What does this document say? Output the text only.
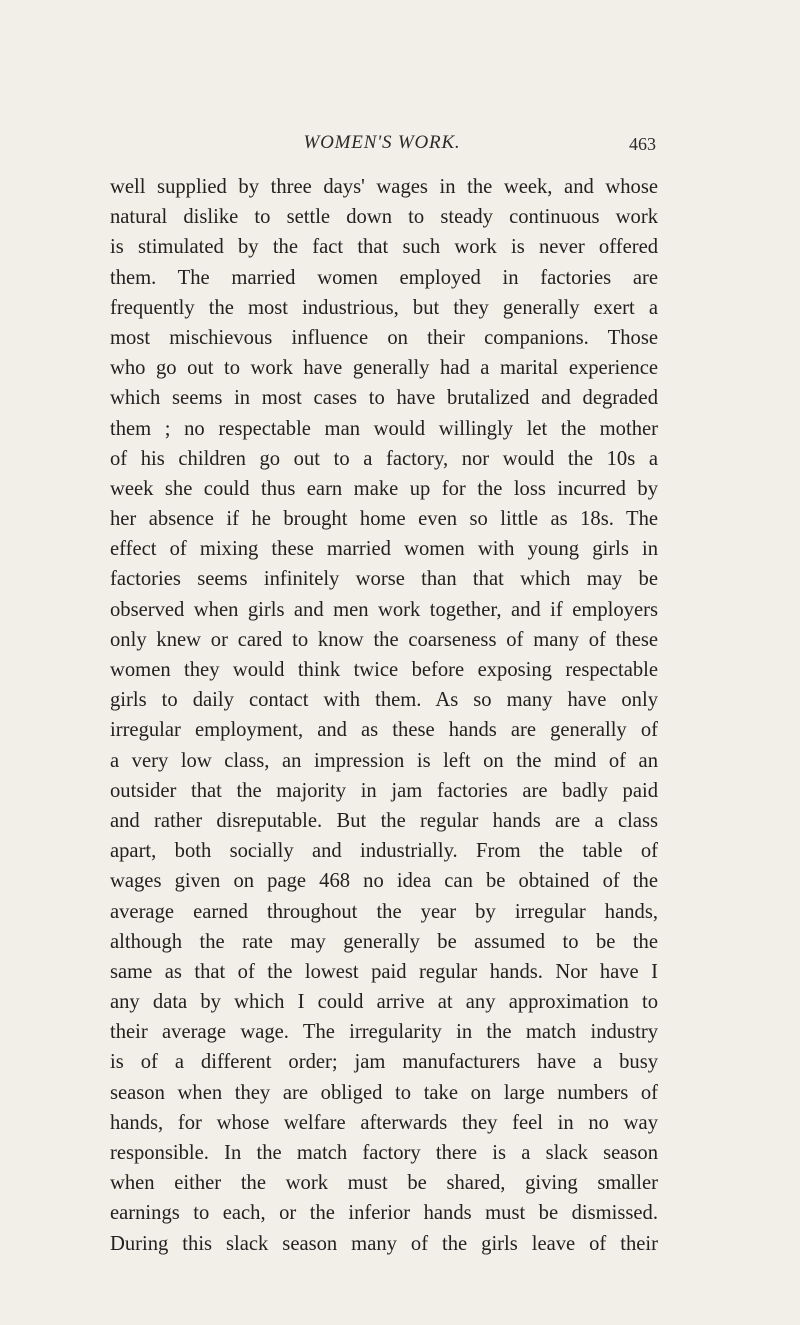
WOMEN'S WORK.	463
well supplied by three days' wages in the week, and whose
natural dislike to settle down to steady continuous work
is stimulated by the fact that such work is never offered
them. The married women employed in factories are
frequently the most industrious, but they generally exert a
most mischievous influence on their companions. Those
who go out to work have generally had a marital experience
which seems in most cases to have brutalized and degraded
them ; no respectable man would willingly let the mother
of his children go out to a factory, nor would the 10s a
week she could thus earn make up for the loss incurred by
her absence if he brought home even so little as 18s. The
effect of mixing these married women with young girls in
factories seems infinitely worse than that which may be
observed when girls and men work together, and if employers
only knew or cared to know the coarseness of many of these
women they would think twice before exposing respectable
girls to daily contact with them. As so many have only
irregular employment, and as these hands are generally of
a very low class, an impression is left on the mind of an
outsider that the majority in jam factories are badly paid
and rather disreputable. But the regular hands are a class
apart, both socially and industrially. From the table of
wages given on page 468 no idea can be obtained of the
average earned throughout the year by irregular hands,
although the rate may generally be assumed to be the
same as that of the lowest paid regular hands. Nor have I
any data by which I could arrive at any approximation to
their average wage. The irregularity in the match industry
is of a different order; jam manufacturers have a busy
season when they are obliged to take on large numbers of
hands, for whose welfare afterwards they feel in no way
responsible. In the match factory there is a slack season
when either the work must be shared, giving smaller
earnings to each, or the inferior hands must be dismissed.
During this slack season many of the girls leave of their
